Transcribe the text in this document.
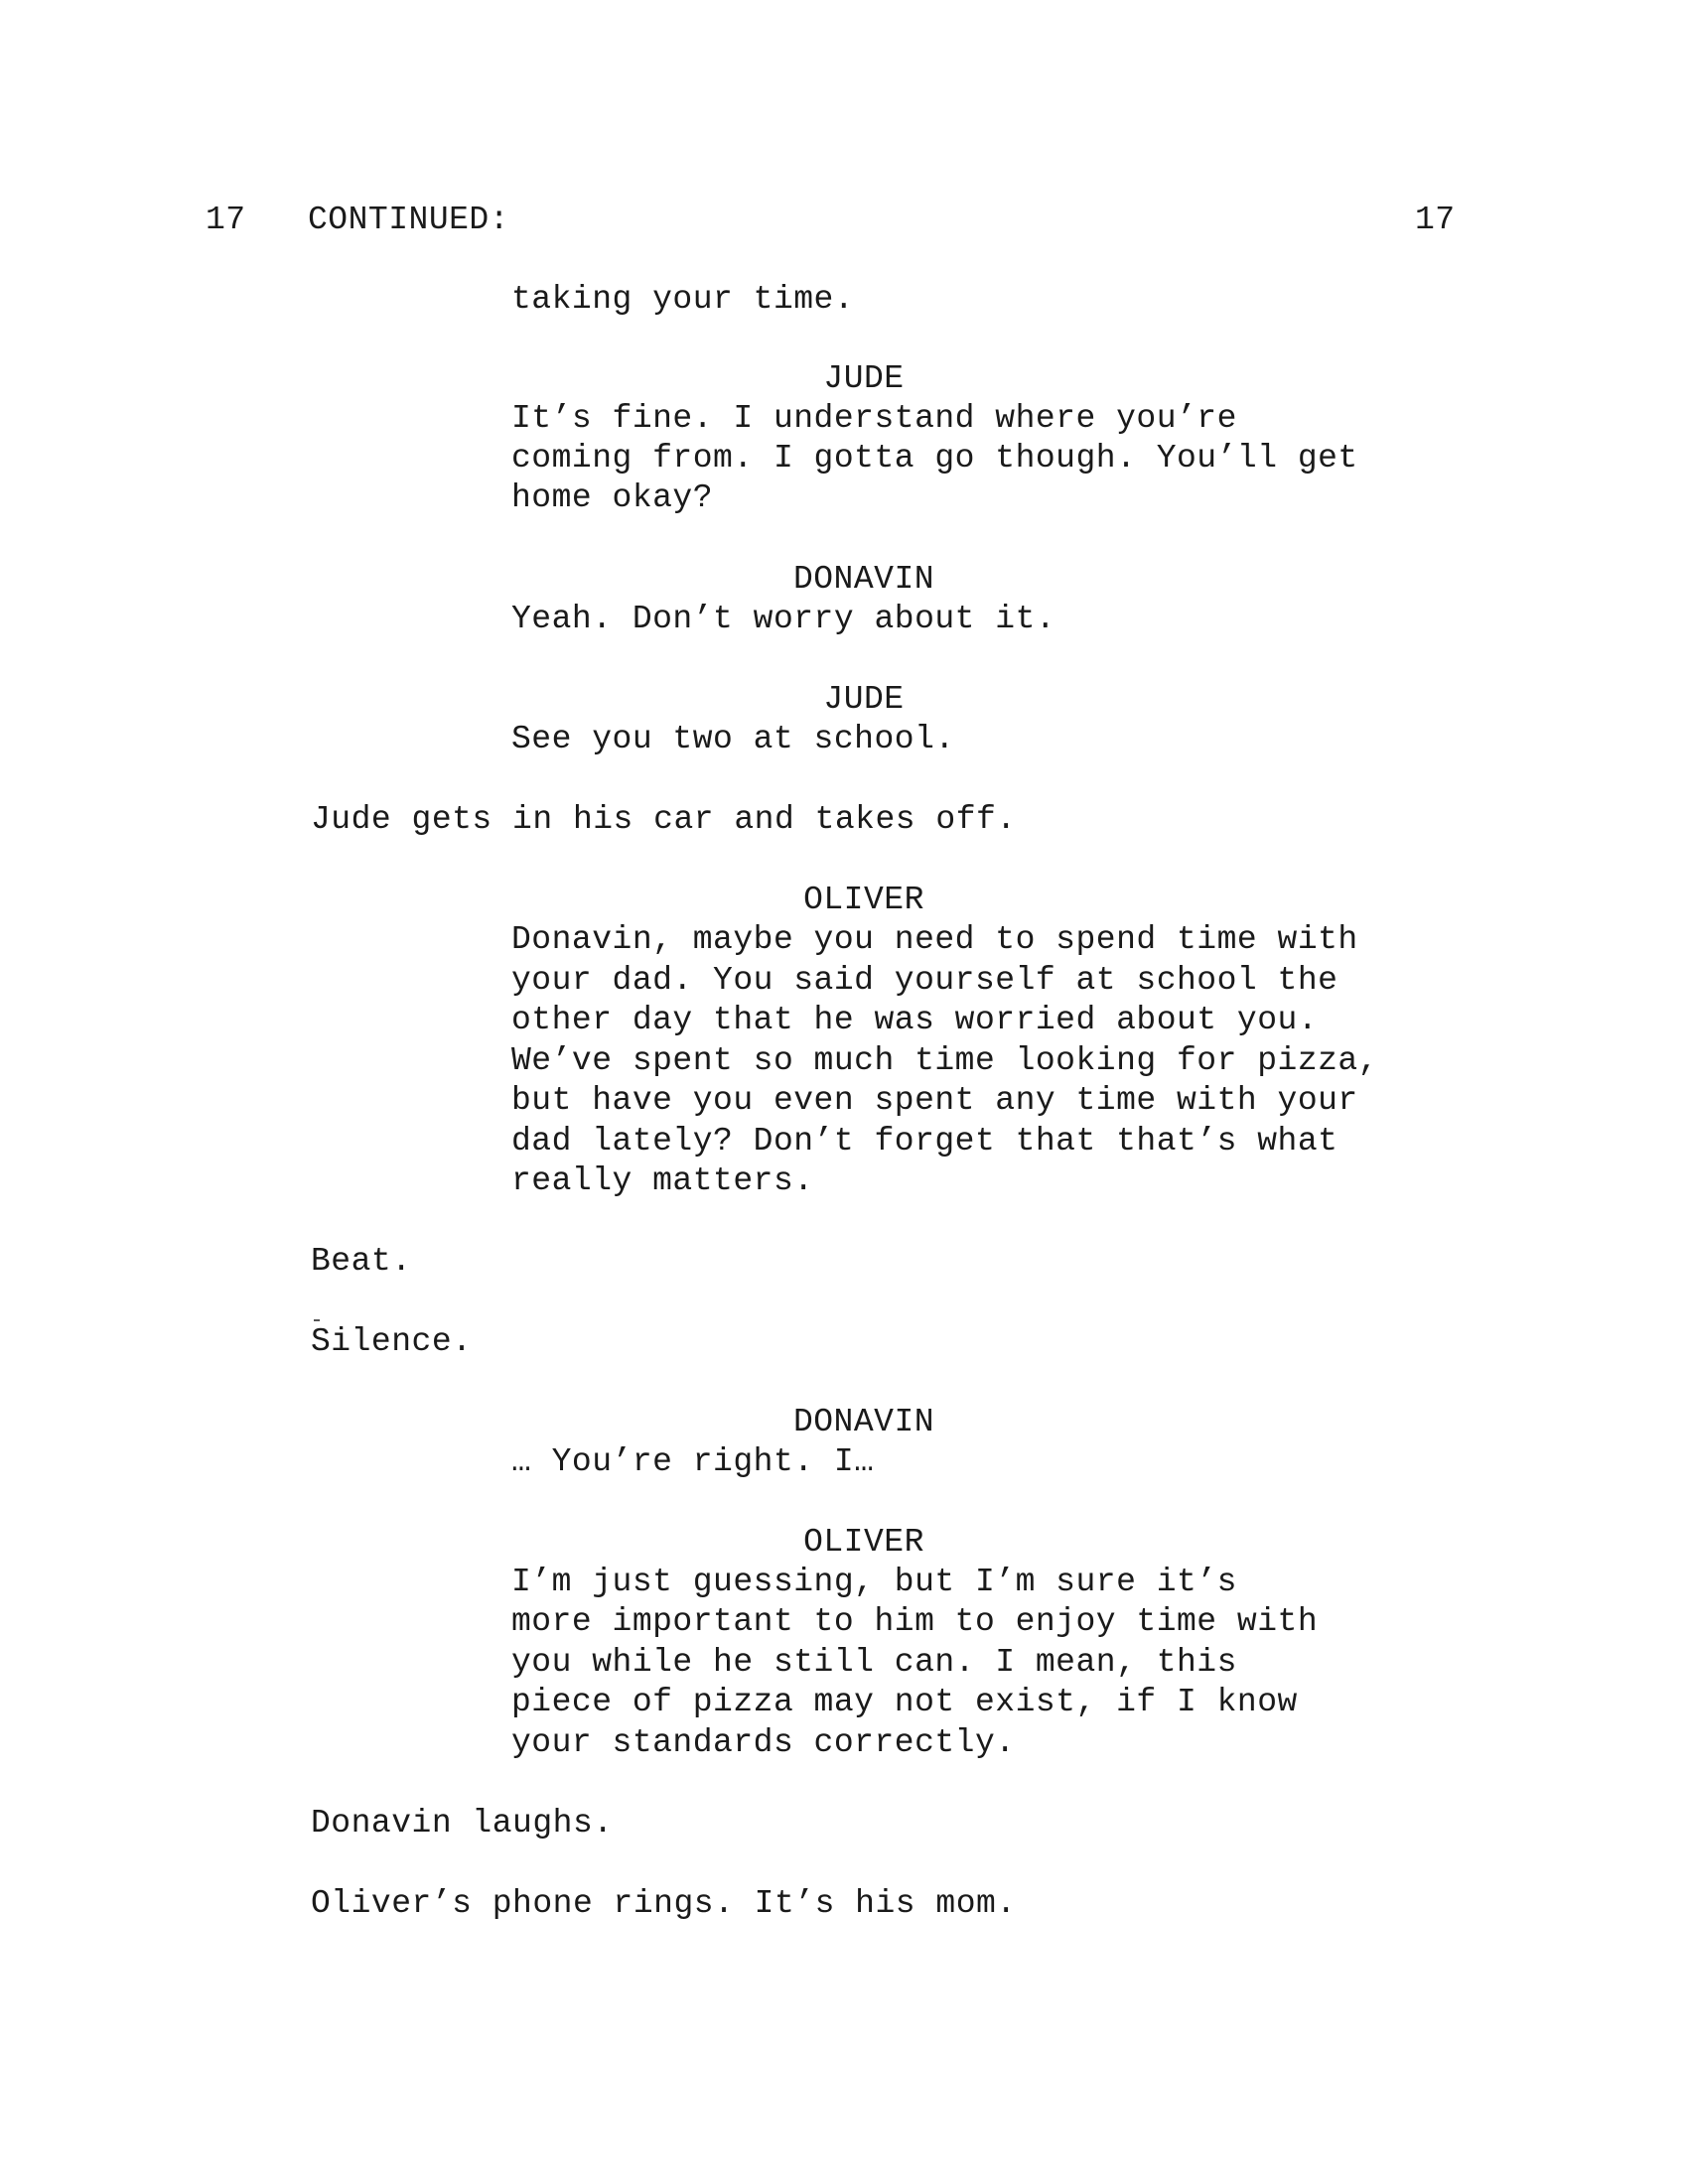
17 CONTINUED:	17
taking your time.
JUDE
It’s fine. I understand where you’re
coming from. I gotta go though. You’ll get
home okay?
DONAVIN
Yeah. Don’t worry about it.
JUDE
See you two at school.
Jude gets in his car and takes off.
OLIVER
Donavin, maybe you need to spend time with
your dad. You said yourself at school the
other day that he was worried about you.
We’ve spent so much time looking for pizza,
but have you even spent any time with your
dad lately? Don’t forget that that’s what
really matters.
Beat.
Silence.
DONAVIN
… You’re right. I…
OLIVER
I’m just guessing, but I’m sure it’s
more important to him to enjoy time with
you while he still can. I mean, this
piece of pizza may not exist, if I know
your standards correctly.
Donavin laughs.
Oliver’s phone rings. It’s his mom.
